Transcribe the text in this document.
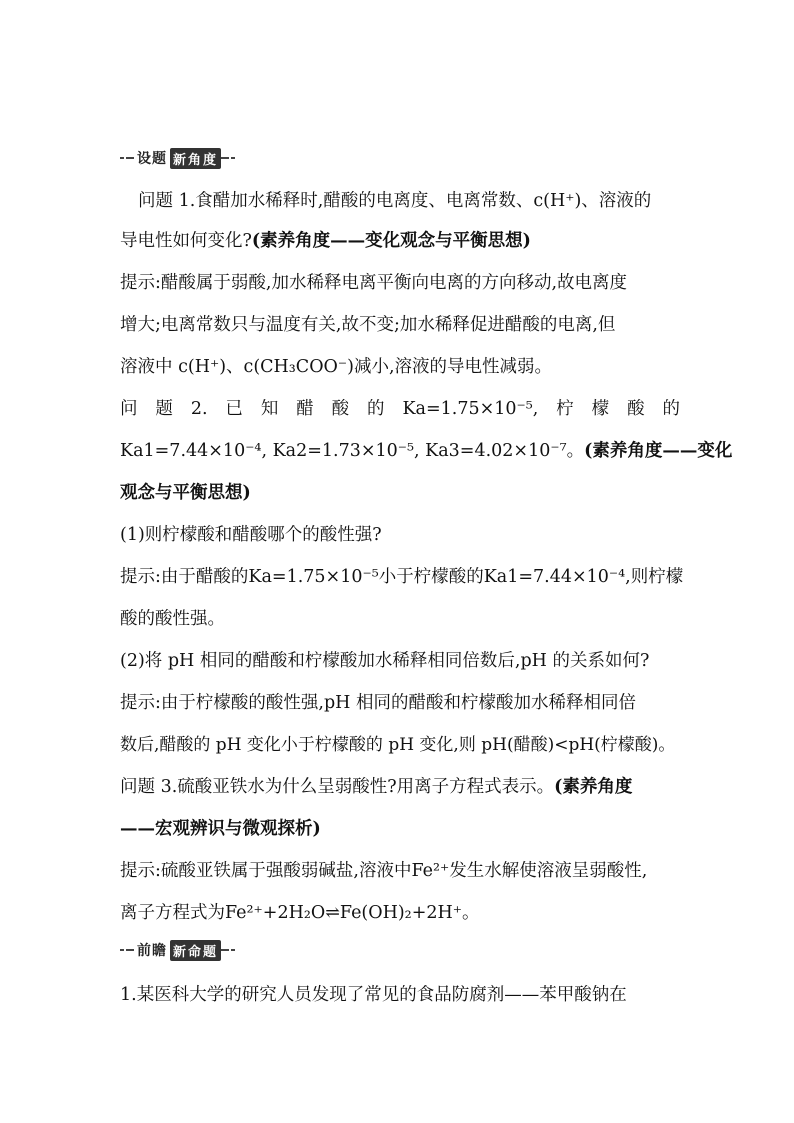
设题 新角度
问题 1.食醋加水稀释时,醋酸的电离度、电离常数、c(H⁺)、溶液的
导电性如何变化?(素养角度——变化观念与平衡思想)
提示:醋酸属于弱酸,加水稀释电离平衡向电离的方向移动,故电离度
增大;电离常数只与温度有关,故不变;加水稀释促进醋酸的电离,但
溶液中 c(H⁺)、c(CH₃COO⁻)减小,溶液的导电性减弱。
问 题 2. 已 知 醋 酸 的 Ka=1.75×10⁻⁵, 柠 檬 酸 的
Ka1=7.44×10⁻⁴, Ka2=1.73×10⁻⁵, Ka3=4.02×10⁻⁷。(素养角度——变化
观念与平衡思想)
(1)则柠檬酸和醋酸哪个的酸性强?
提示:由于醋酸的Ka=1.75×10⁻⁵小于柠檬酸的Ka1=7.44×10⁻⁴,则柠檬
酸的酸性强。
(2)将 pH 相同的醋酸和柠檬酸加水稀释相同倍数后,pH 的关系如何?
提示:由于柠檬酸的酸性强,pH 相同的醋酸和柠檬酸加水稀释相同倍
数后,醋酸的 pH 变化小于柠檬酸的 pH 变化,则 pH(醋酸)<pH(柠檬酸)。
问题 3.硫酸亚铁水为什么呈弱酸性?用离子方程式表示。(素养角度
——宏观辨识与微观探析)
提示:硫酸亚铁属于强酸弱碱盐,溶液中Fe²⁺发生水解使溶液呈弱酸性,
离子方程式为Fe²⁺+2H₂O⇌Fe(OH)₂+2H⁺。
前瞻 新命题
1.某医科大学的研究人员发现了常见的食品防腐剂——苯甲酸钠在
